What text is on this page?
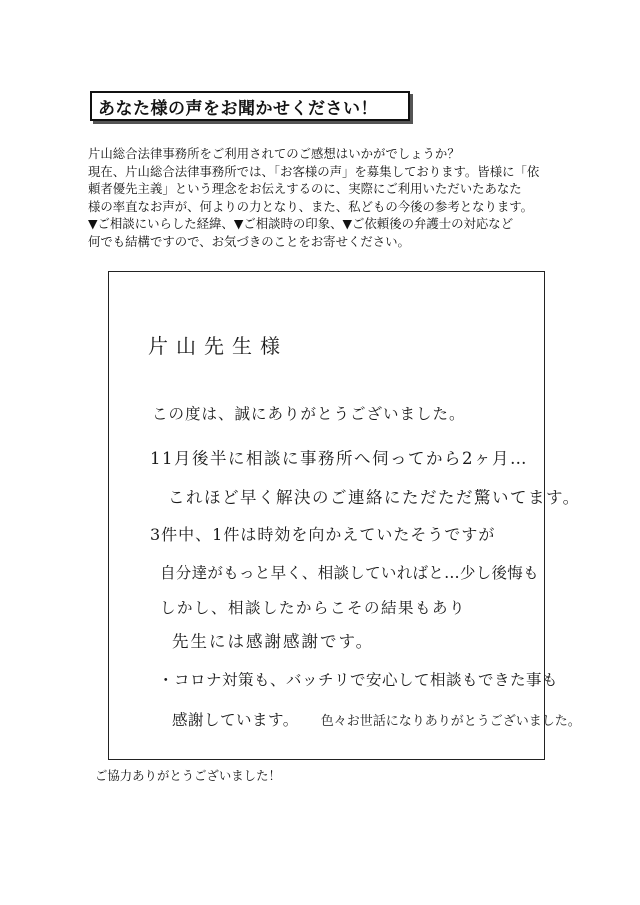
あなた様の声をお聞かせください！
片山総合法律事務所をご利用されてのご感想はいかがでしょうか？
現在、片山総合法律事務所では、「お客様の声」を募集しております。皆様に「依
頼者優先主義」という理念をお伝えするのに、実際にご利用いただいたあなた
様の率直なお声が、何よりの力となり、また、私どもの今後の参考となります。
▼ご相談にいらした経緯、▼ご相談時の印象、▼ご依頼後の弁護士の対応など
何でも結構ですので、お気づきのことをお寄せください。
片山先生様
この度は、誠にありがとうございました。
11月後半に相談に事務所へ伺ってから2ヶ月…
これほど早く解決のご連絡にただただ驚いてます。
3件中、1件は時効を向かえていたそうですが
自分達がもっと早く、相談していればと…少し後悔も
しかし、相談したからこその結果もあり
先生には感謝感謝です。
・コロナ対策も、バッチリで安心して相談もできた事も
感謝しています。 色々お世話になりありがとうございました。
ご協力ありがとうございました！
